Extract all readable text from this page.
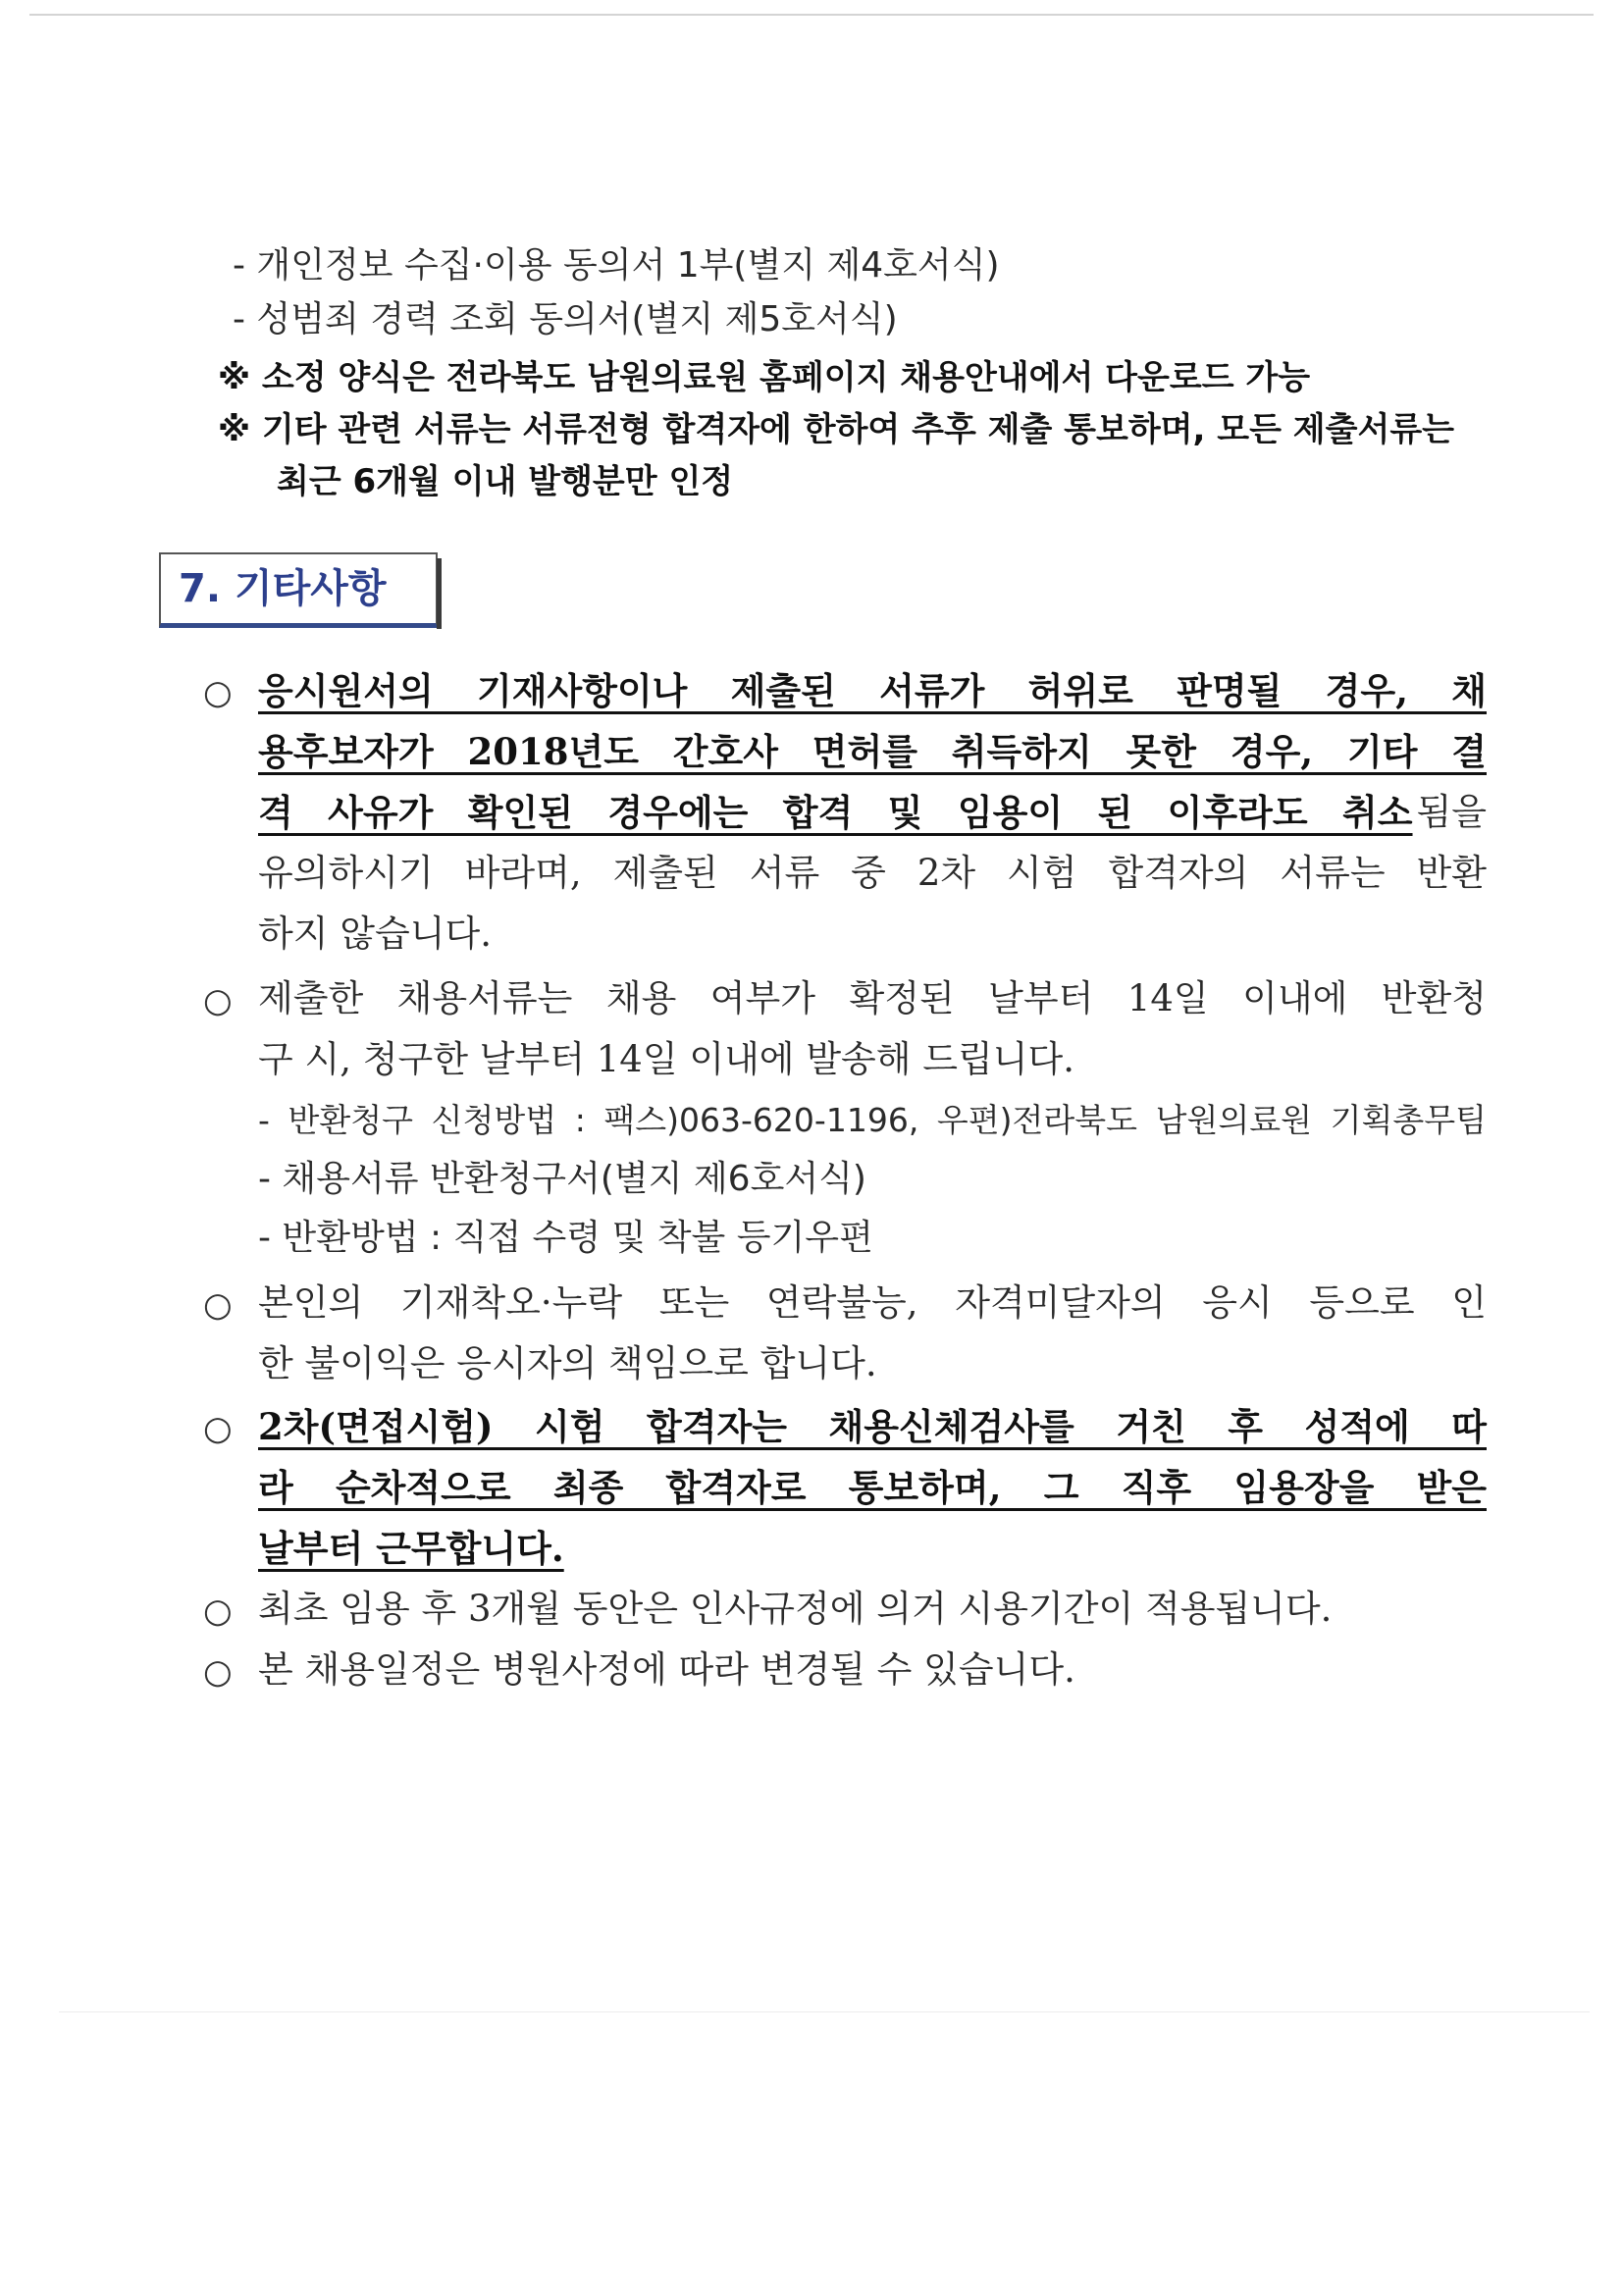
- 개인정보 수집·이용 동의서 1부(별지 제4호서식)
- 성범죄 경력 조회 동의서(별지 제5호서식)
※ 소정 양식은 전라북도 남원의료원 홈페이지 채용안내에서 다운로드 가능
※ 기타 관련 서류는 서류전형 합격자에 한하여 추후 제출 통보하며, 모든 제출서류는
최근 6개월 이내 발행분만 인정
7. 기타사항
○ 응시원서의 기재사항이나 제출된 서류가 허위로 판명될 경우, 채
용후보자가 2018년도 간호사 면허를 취득하지 못한 경우, 기타 결
격 사유가 확인된 경우에는 합격 및 임용이 된 이후라도 취소 됨을
유의하시기 바라며, 제출된 서류 중 2차 시험 합격자의 서류는 반환
하지 않습니다.
○ 제출한 채용서류는 채용 여부가 확정된 날부터 14일 이내에 반환청
구 시, 청구한 날부터 14일 이내에 발송해 드립니다.
- 반환청구 신청방법 : 팩스)063-620-1196, 우편)전라북도 남원의료원 기획총무팀
- 채용서류 반환청구서(별지 제6호서식)
- 반환방법 : 직접 수령 및 착불 등기우편
○ 본인의 기재착오·누락 또는 연락불능, 자격미달자의 응시 등으로 인
한 불이익은 응시자의 책임으로 합니다.
○ 2차(면접시험) 시험 합격자는 채용신체검사를 거친 후 성적에 따
라 순차적으로 최종 합격자로 통보하며, 그 직후 임용장을 받은
날부터 근무합니다.
○ 최초 임용 후 3개월 동안은 인사규정에 의거 시용기간이 적용됩니다.
○ 본 채용일정은 병원사정에 따라 변경될 수 있습니다.
